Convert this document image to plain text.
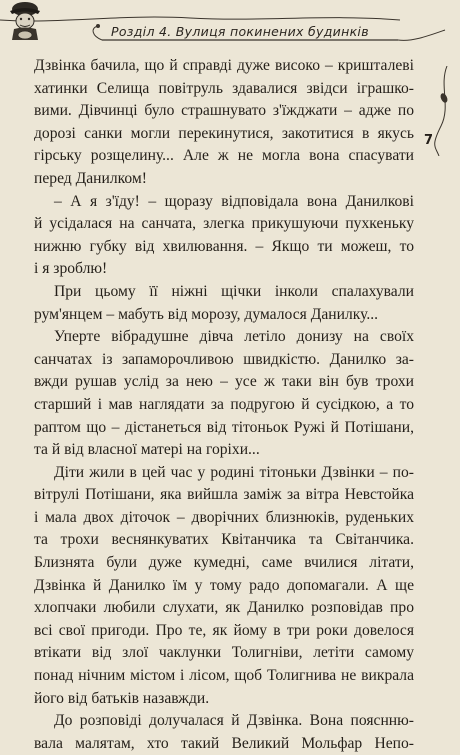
Розділ 4. Вулиця покинених будинків
7
Дзвінка бачила, що й справді дуже високо – кришталеві
хатинки Селища повітруль здавалися звідси іграшко-
вими. Дівчинці було страшнувато з'їжджати – адже по
дорозі санки могли перекинутися, закотитися в якусь
гірську розщелину... Але ж не могла вона спасувати
перед Данилком!
– А я з'їду! – щоразу відповідала вона Данилкові
й усідалася на санчата, злегка прикушуючи пухкеньку
нижню губку від хвилювання. – Якщо ти можеш, то
і я зроблю!
При цьому її ніжні щічки інколи спалахували
рум'янцем – мабуть від морозу, думалося Данилку...
Уперте вібрадушне дівча летіло донизу на своїх
санчатах із запаморочливою швидкістю. Данилко за-
вжди рушав услід за нею – усе ж таки він був трохи
старший і мав наглядати за подругою й сусідкою, а то
раптом що – дістанеться від тітоньок Ружі й Потішани,
та й від власної матері на горіхи...
Діти жили в цей час у родині тітоньки Дзвінки – по-
вітрулі Потішани, яка вийшла заміж за вітра Невстойка
і мала двох діточок – дворічних близнюків, руденьких
та трохи веснянкуватих Квітанчика та Світанчика.
Близнята були дуже кумедні, саме вчилися літати,
Дзвінка й Данилко їм у тому радо допомагали. А ще
хлопчаки любили слухати, як Данилко розповідав про
всі свої пригоди. Про те, як йому в три роки довелося
втікати від злої чаклунки Толигніви, летіти самому
понад нічним містом і лісом, щоб Толигнива не викрала
його від батьків назавжди.
До розповіді долучалася й Дзвінка. Вона пояснню-
вала малятам, хто такий Великий Мольфар Непо-
